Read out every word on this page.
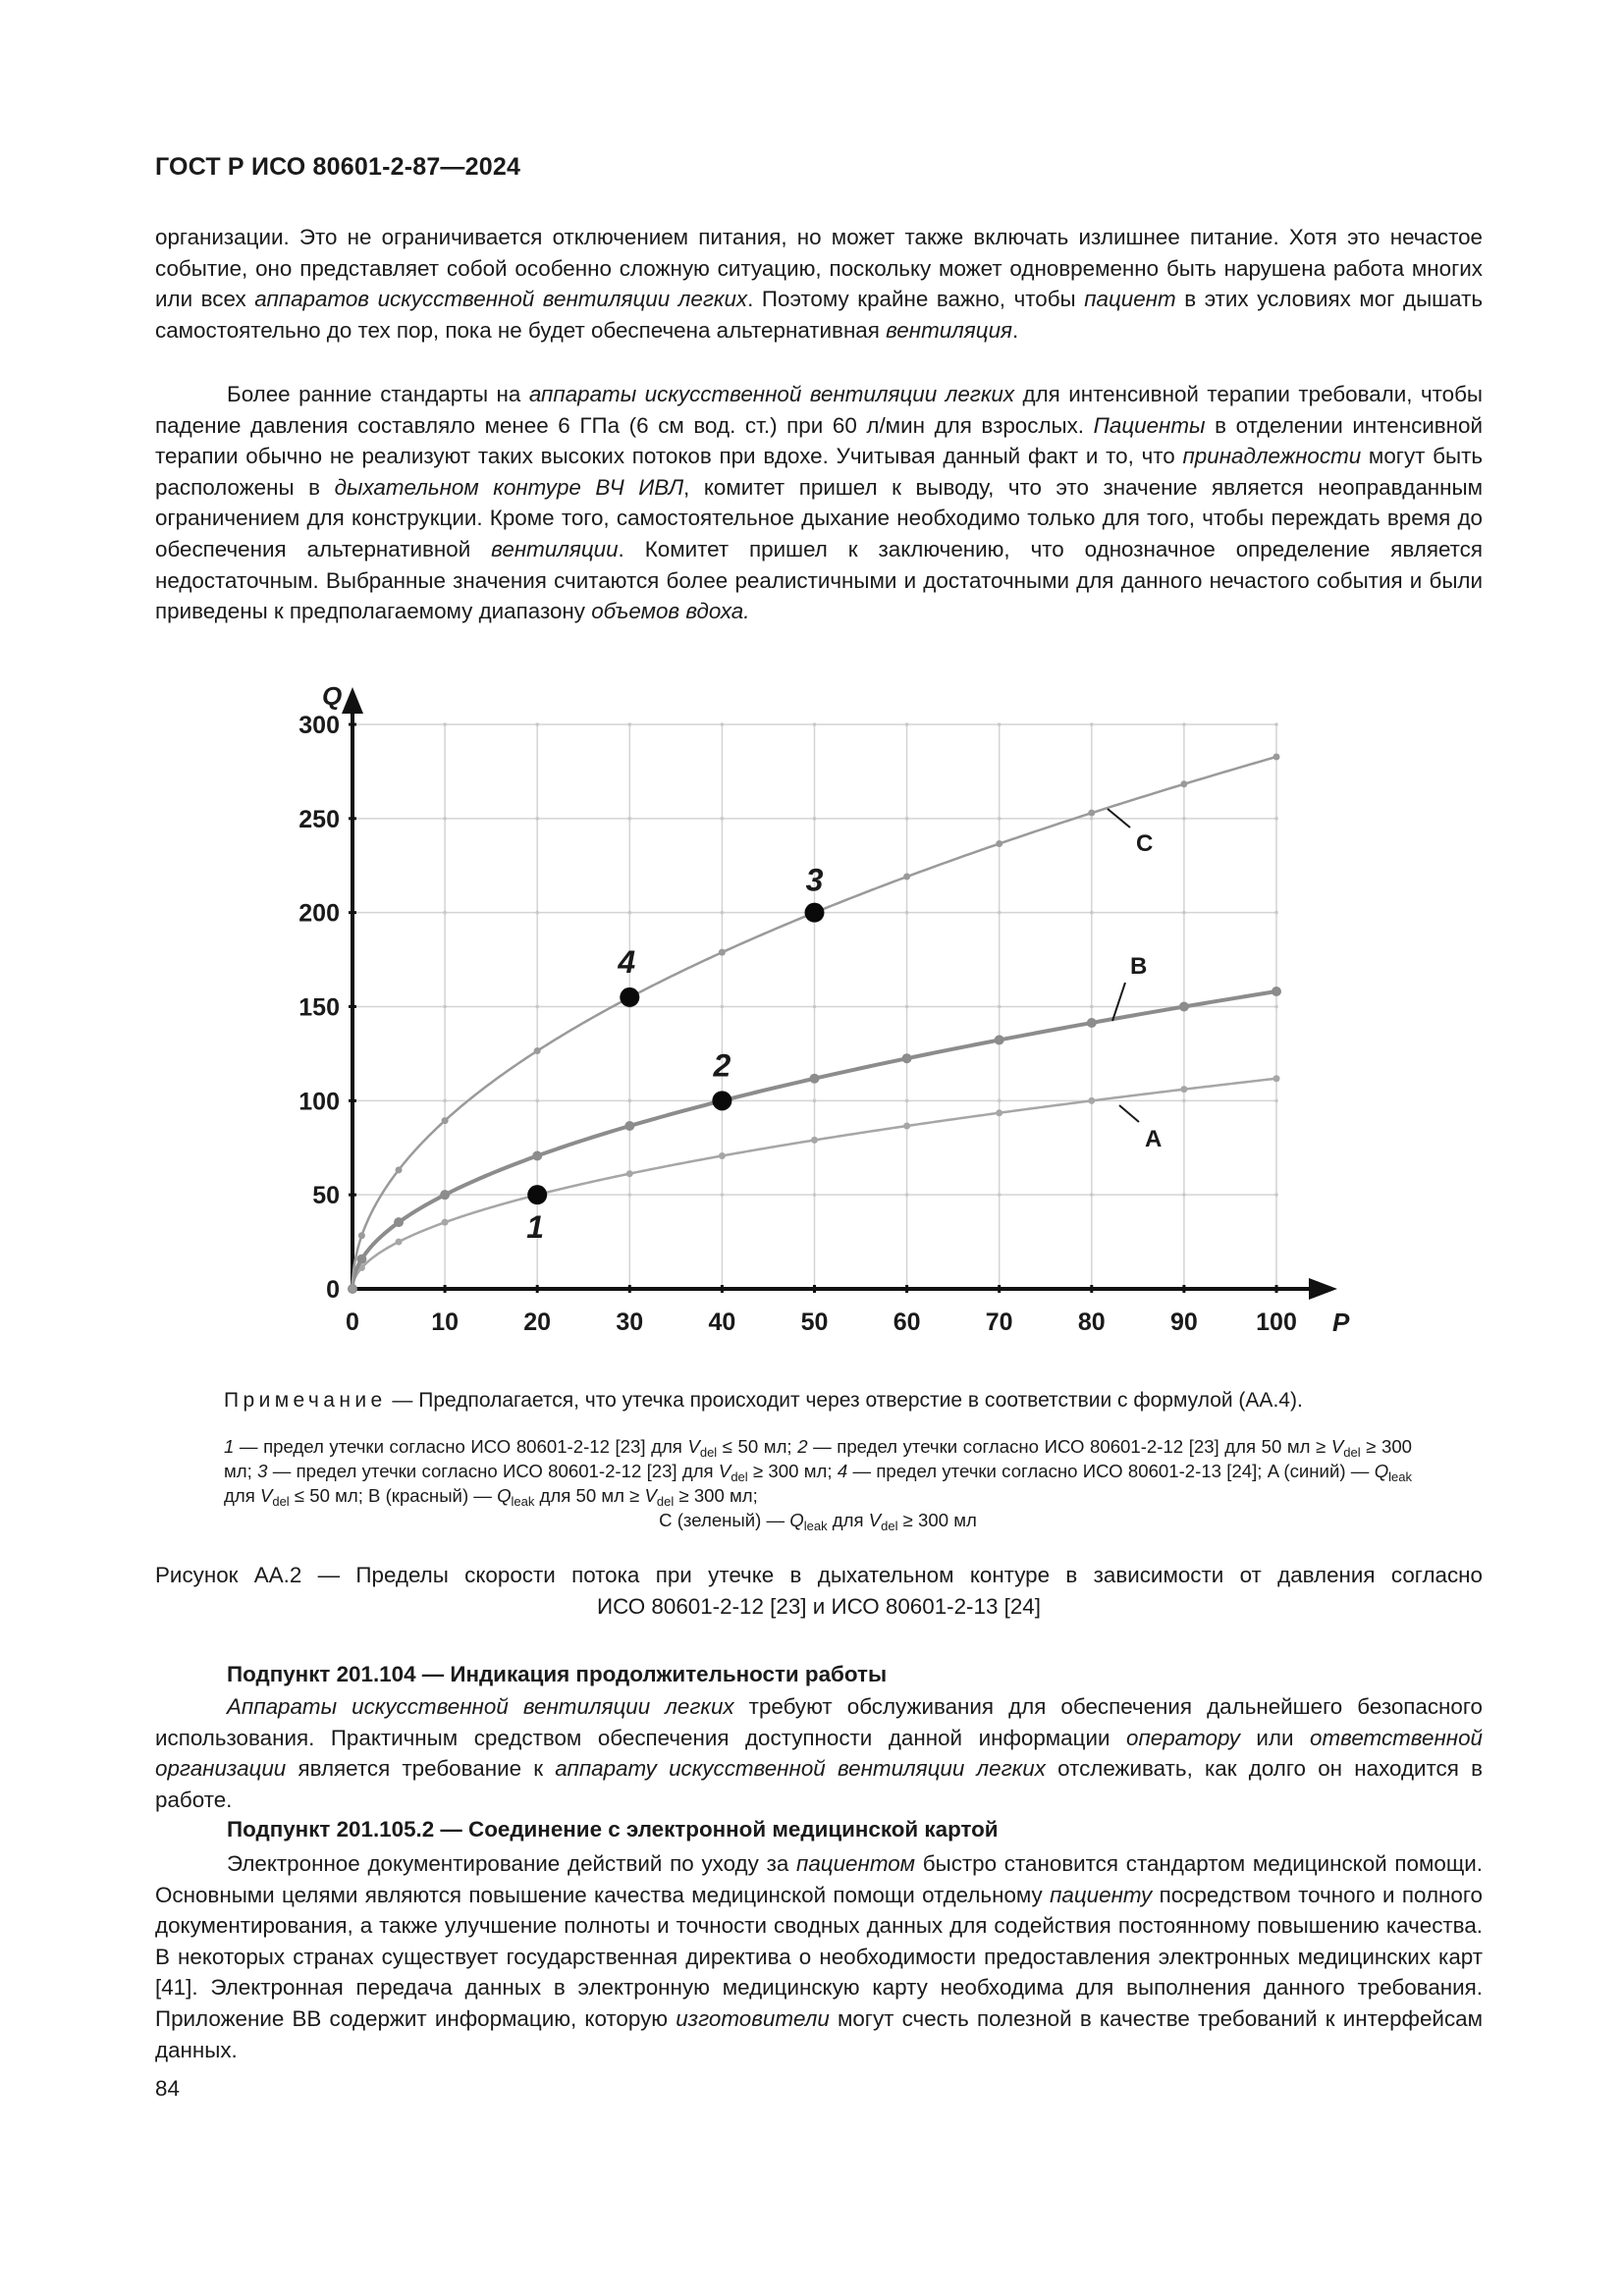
ГОСТ Р ИСО 80601-2-87—2024
организации. Это не ограничивается отключением питания, но может также включать излишнее питание. Хотя это нечастое событие, оно представляет собой особенно сложную ситуацию, поскольку может одновременно быть нарушена работа многих или всех аппаратов искусственной вентиляции легких. Поэтому крайне важно, чтобы пациент в этих условиях мог дышать самостоятельно до тех пор, пока не будет обеспечена альтернативная вентиляция.
Более ранние стандарты на аппараты искусственной вентиляции легких для интенсивной терапии требовали, чтобы падение давления составляло менее 6 ГПа (6 см вод. ст.) при 60 л/мин для взрослых. Пациенты в отделении интенсивной терапии обычно не реализуют таких высоких потоков при вдохе. Учитывая данный факт и то, что принадлежности могут быть расположены в дыхательном контуре ВЧ ИВЛ, комитет пришел к выводу, что это значение является неоправданным ограничением для конструкции. Кроме того, самостоятельное дыхание необходимо только для того, чтобы переждать время до обеспечения альтернативной вентиляции. Комитет пришел к заключению, что однозначное определение является недостаточным. Выбранные значения считаются более реалистичными и достаточными для данного нечастого события и были приведены к предполагаемому диапазону объемов вдоха.
0	10	20	30	40	50	60	70	80	90 100
0
50
100
150
200
250
300
P
Q
A
B
C
1
2
3
4
Примечание — Предполагается, что утечка происходит через отверстие в соответствии с формулой (АА.4).
1 — предел утечки согласно ИСО 80601-2-12 [23] для $V_{del} \le 50$ мл; 2 — предел утечки согласно ИСО 80601-2-12 [23] для 50 мл ≥ $V_{del} \ge 300$ мл; 3 — предел утечки согласно ИСО 80601-2-12 [23] для $V_{del} \ge 300$ мл; 4 — предел утечки согласно ИСО 80601-2-13 [24]; A (синий) — $Q_{leak}$ для $V_{del} \le 50$ мл; B (красный) — $Q_{leak}$ для 50 мл ≥ $V_{del} \ge 300$ мл;
C (зеленый) — $Q_{leak}$ для $V_{del} \ge 300$ мл
Рисунок АА.2 — Пределы скорости потока при утечке в дыхательном контуре в зависимости от давления согласно
ИСО 80601-2-12 [23] и ИСО 80601-2-13 [24]
Подпункт 201.104 — Индикация продолжительности работы
Аппараты искусственной вентиляции легких требуют обслуживания для обеспечения дальнейшего безопасного использования. Практичным средством обеспечения доступности данной информации оператору или ответственной организации является требование к аппарату искусственной вентиляции легких отслеживать, как долго он находится в работе.
Подпункт 201.105.2 — Соединение с электронной медицинской картой
Электронное документирование действий по уходу за пациентом быстро становится стандартом медицинской помощи. Основными целями являются повышение качества медицинской помощи отдельному пациенту посредством точного и полного документирования, а также улучшение полноты и точности сводных данных для содействия постоянному повышению качества. В некоторых странах существует государственная директива о необходимости предоставления электронных медицинских карт [41]. Электронная передача данных в электронную медицинскую карту необходима для выполнения данного требования. Приложение ВВ содержит информацию, которую изготовители могут счесть полезной в качестве требований к интерфейсам данных.
84
